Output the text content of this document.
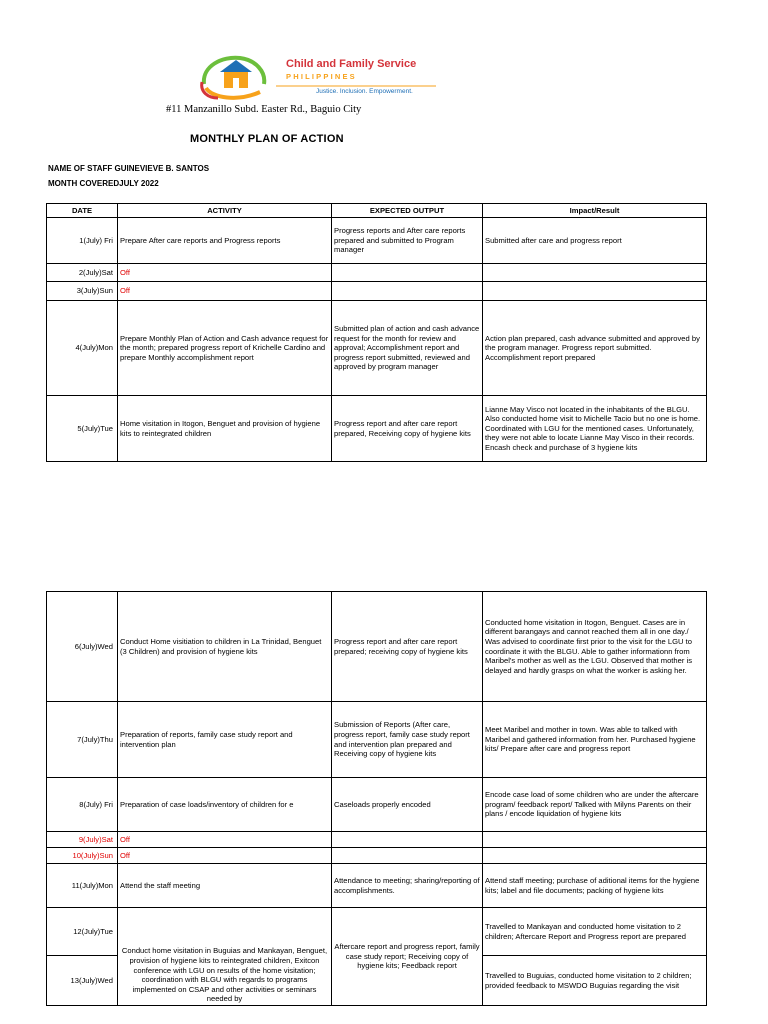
Child and Family Service
PHILIPPINES
Justice. Inclusion. Empowerment.
#11 Manzanillo Subd. Easter Rd., Baguio City
MONTHLY PLAN OF ACTION
NAME OF STAFF GUINEVIEVE B. SANTOS
MONTH COVEREDJULY 2022
DATE	ACTIVITY	EXPECTED OUTPUT	Impact/Result
1(July) Fri	Prepare After care reports and Progress reports	Progress reports and After care reports prepared and submitted to Program manager	Submitted after care and progress report
2(July)Sat	Off		
3(July)Sun	Off		
4(July)Mon	Prepare Monthly Plan of Action and Cash advance request for the month; prepared progress report of Krichelle Cardino and prepare Monthly accomplishment report	Submitted plan of action and cash advance request for the month for review and approval; Accomplishment report and progress report submitted, reviewed and approved by program manager	Action plan prepared, cash advance submitted and approved by the program manager. Progress report submitted. Accomplishment report prepared
5(July)Tue	Home visitation in Itogon, Benguet and provision of hygiene kits to reintegrated children	Progress report and after care report prepared, Receiving copy of hygiene kits	Lianne May Visco not located in the inhabitants of the BLGU. Also conducted home visit to Michelle Tacio but no one is home. Coordinated with LGU for the mentioned cases. Unfortunately, they were not able to locate Lianne May Visco in their records. Encash check and purchase of 3 hygiene kits
6(July)Wed	Conduct Home visitiation to children in La Trinidad, Benguet (3 Children) and provision of hygiene kits	Progress report and after care report prepared; receiving copy of hygiene kits	Conducted home visitation in Itogon, Benguet. Cases are in different barangays and cannot reached them all in one day./ Was advised to coordinate first prior to the visit for the LGU to coordinate it with the BLGU. Able to gather informationn from Maribel's mother as well as the LGU. Observed that mother is delayed and hardly grasps on what the worker is asking her.
7(July)Thu	Preparation of reports, family case study report and intervention plan	Submission of Reports (After care, progress report, family case study report and intervention plan prepared and Receiving copy of hygiene kits	Meet Maribel and mother in town. Was able to talked with Maribel and gathered information from her. Purchased hygiene kits/ Prepare after care and progress report
8(July) Fri	Preparation of case loads/inventory of children for e	Caseloads properly encoded	Encode case load of some children who are under the aftercare program/ feedback report/ Talked with Milyns Parents on their plans / encode liquidation of hygiene kits
9(July)Sat	Off		
10(July)Sun	Off		
11(July)Mon	Attend the staff meeting	Attendance to meeting; sharing/reporting of accomplishments.	Attend staff meeting; purchase of aditional items for the hygiene kits; label and file documents; packing of hygiene kits
12(July)Tue	Conduct home visitation in Buguias and Mankayan, Benguet, provision of hygiene kits to reintegrated children, Exitcon conference with LGU on results of the home visitation; coordination with BLGU with regards to programs implemented on CSAP and other activities or seminars needed by	Aftercare report and progress report, family case study report; Receiving copy of hygiene kits; Feedback report	Travelled to Mankayan and conducted home visitation to 2 children; Aftercare Report and Progress report are prepared
13(July)Wed			Travelled to Buguias, conducted home visitation to 2 children; provided feedback to MSWDO Buguias regarding the visit
